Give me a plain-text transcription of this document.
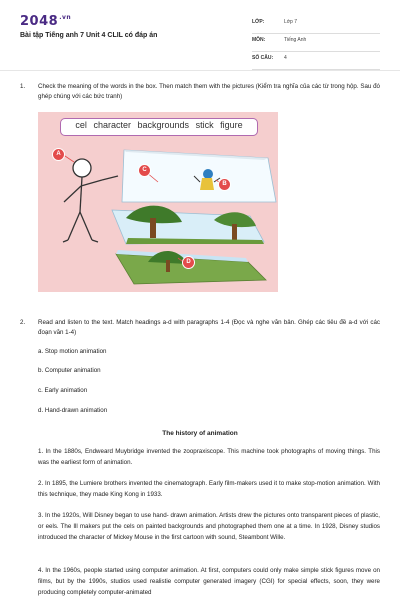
$2048^{.vn}$
Bài tập Tiếng anh 7 Unit 4 CLIL có đáp án
LỚP:	Lớp 7
MÔN:	Tiếng Anh
SỐ CÂU: 4
1. Check the meaning of the words in the box. Then match them with the pictures (Kiểm tra nghĩa của các từ trong hộp. Sau đó ghép chúng với các bức tranh)
cel character backgrounds stick figure
A
B
C
D
2. Read and listen to the text. Match headings a-d with paragraphs 1-4 (Đọc và nghe văn bản. Ghép các tiêu đề a-d với các đoạn văn 1-4)
a. Stop motion animation
b. Computer animation
c. Early animation
d. Hand-drawn animation
The history of animation
1. In the 1880s, Endweard Muybridge invented the zoopraxiscope. This machine took photographs of moving things. This was the earliest form of animation.
2. In 1895, the Lumiere brothers invented the cinematograph. Early film-makers used it to make stop-motion animation. With this technique, they made King Kong in 1933.
3. In the 1920s, Will Disney began to use hand- drawn animation. Artists drew the pictures onto transparent pieces of plastic, or eels. The Ill makers put the cels on painted backgrounds and photographed them one at a time. In 1928, Disney studios introduced the character of Mickey Mouse in the first cartoon with sound, Steambont Wille.
4. In the 1960s, people started using computer animation. At first, computers could only make simple stick figures move on films, but by the 1990s, studios used realistie computer generated imagery (CGI) for special effects, soon, they were producing completely computer-animated
